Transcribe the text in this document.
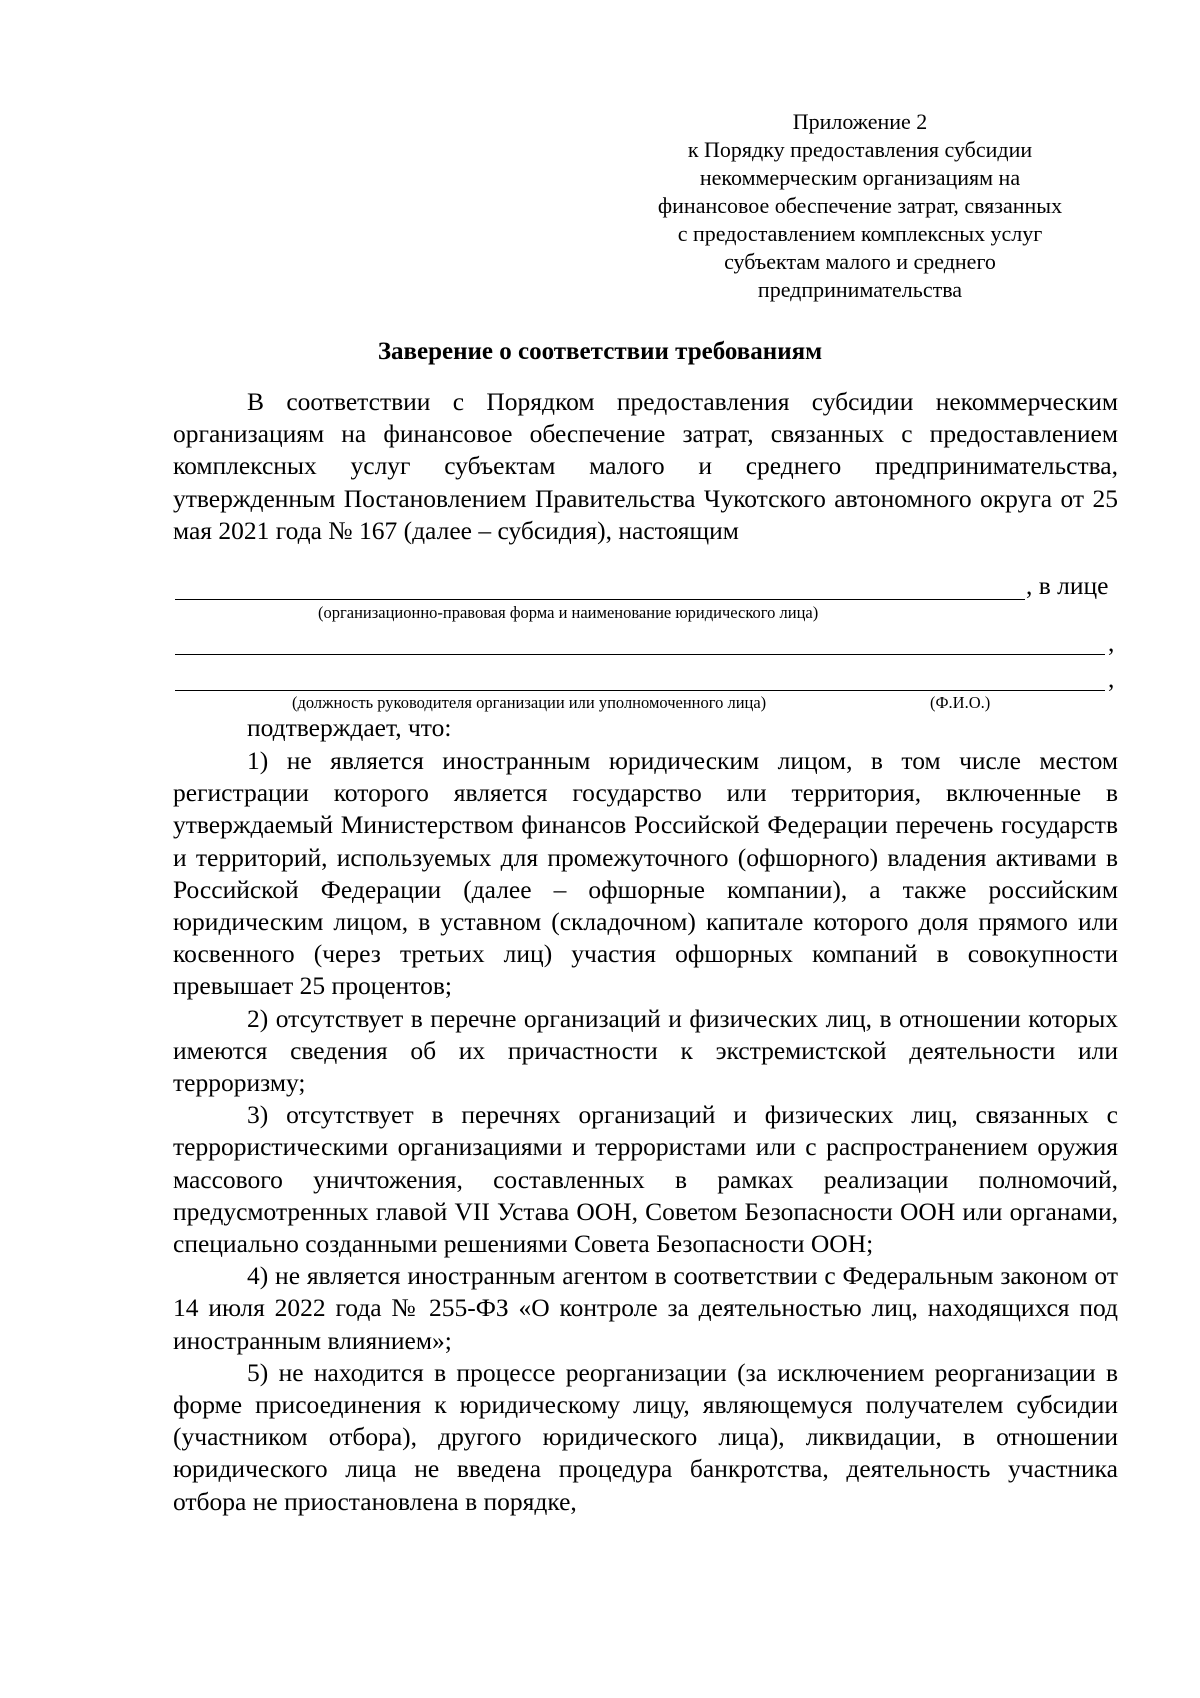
Приложение 2
к Порядку предоставления субсидии
некоммерческим организациям на
финансовое обеспечение затрат, связанных
с предоставлением комплексных услуг
субъектам малого и среднего
предпринимательства
Заверение о соответствии требованиям

В соответствии с Порядком предоставления субсидии некоммерческим организациям на финансовое обеспечение затрат, связанных с предоставлением комплексных услуг субъектам малого и среднего предпринимательства, утвержденным Постановлением Правительства Чукотского автономного округа от 25 мая 2021 года № 167 (далее – субсидия), настоящим

, в лице
(организационно-правовая форма и наименование юридического лица)
,
,
(должность руководителя организации или уполномоченного лица)	(Ф.И.О.)
подтверждает, что:

1) не является иностранным юридическим лицом, в том числе местом регистрации которого является государство или территория, включенные в утверждаемый Министерством финансов Российской Федерации перечень государств и территорий, используемых для промежуточного (офшорного) владения активами в Российской Федерации (далее – офшорные компании), а также российским юридическим лицом, в уставном (складочном) капитале которого доля прямого или косвенного (через третьих лиц) участия офшорных компаний в совокупности превышает 25 процентов;

2) отсутствует в перечне организаций и физических лиц, в отношении которых имеются сведения об их причастности к экстремистской деятельности или терроризму;

3) отсутствует в перечнях организаций и физических лиц, связанных с террористическими организациями и террористами или с распространением оружия массового уничтожения, составленных в рамках реализации полномочий, предусмотренных главой VII Устава ООН, Советом Безопасности ООН или органами, специально созданными решениями Совета Безопасности ООН;

4) не является иностранным агентом в соответствии с Федеральным законом от 14 июля 2022 года № 255-ФЗ «О контроле за деятельностью лиц, находящихся под иностранным влиянием»;

5) не находится в процессе реорганизации (за исключением реорганизации в форме присоединения к юридическому лицу, являющемуся получателем субсидии (участником отбора), другого юридического лица), ликвидации, в отношении юридического лица не введена процедура банкротства, деятельность участника отбора не приостановлена в порядке,
